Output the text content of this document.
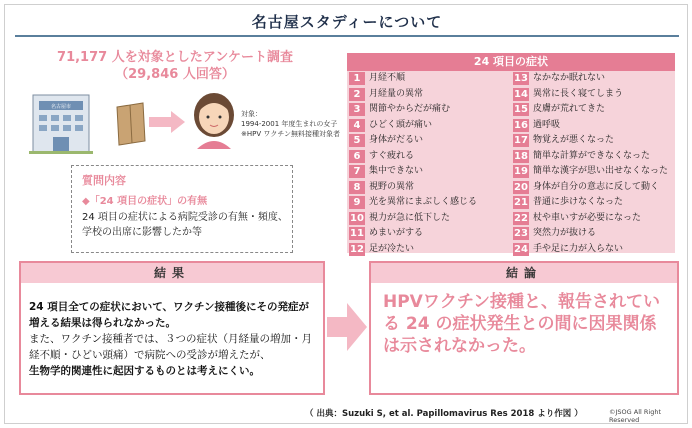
名古屋スタディーについて
71,177 人を対象としたアンケート調査
（29,846 人回答）
名古屋市
対象：
1994-2001 年度生まれの女子
※HPV ワクチン無料接種対象者
質問内容
◆「24 項目の症状」の有無
24 項目の症状による病院受診の有無・頻度、学校の出席に影響したか等
24 項目の症状
1 月経不順
2 月経量の異常
3 関節やからだが痛む
4 ひどく頭が痛い
5 身体がだるい
6 すぐ疲れる
7 集中できない
8 視野の異常
9 光を異常にまぶしく感じる
10 視力が急に低下した
11 めまいがする
12 足が冷たい
13 なかなか眠れない
14 異常に長く寝てしまう
15 皮膚が荒れてきた
16 過呼吸
17 物覚えが悪くなった
18 簡単な計算ができなくなった
19 簡単な漢字が思い出せなくなった
20 身体が自分の意志に反して動く
21 普通に歩けなくなった
22 杖や車いすが必要になった
23 突然力が抜ける
24 手や足に力が入らない
結果
24 項目全ての症状において、ワクチン接種後にその発症が増える結果は得られなかった。
また、ワクチン接種者では、３つの症状（月経量の増加・月経不順・ひどい頭痛）で病院への受診が増えたが、
生物学的関連性に起因するものとは考えにくい。
結論
HPVワクチン接種と、報告されている 24 の症状発生との間に因果関係は示されなかった。
（ 出典：Suzuki S, et al. Papillomavirus Res 2018 より作図 ）	©JSOG All Right Reserved
